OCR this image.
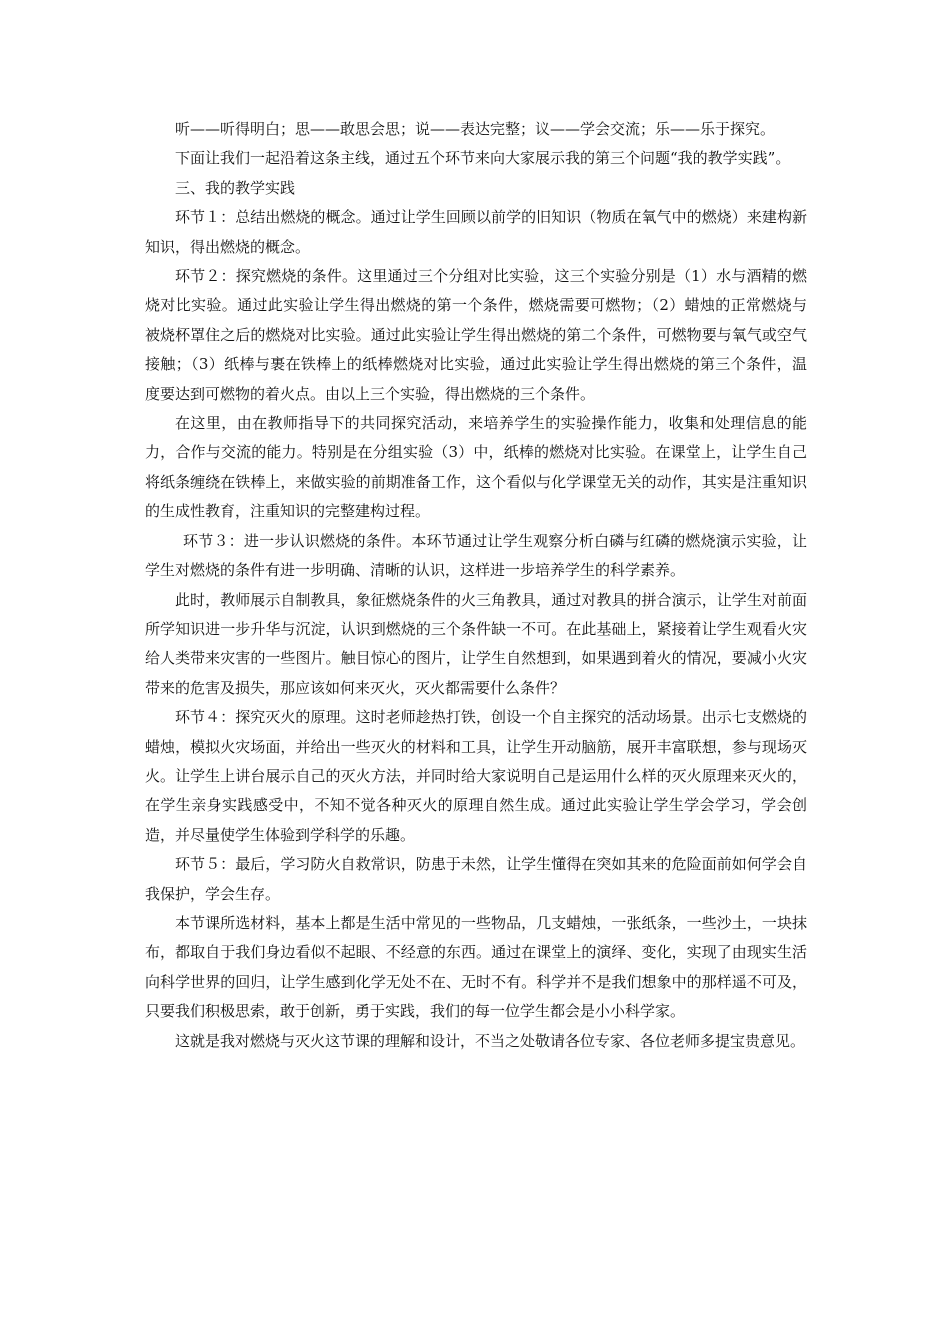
听——听得明白；思——敢思会思；说——表达完整；议——学会交流；乐——乐于探究。

下面让我们一起沿着这条主线，通过五个环节来向大家展示我的第三个问题“我的教学实践”。

三、我的教学实践

环节１：总结出燃烧的概念。通过让学生回顾以前学的旧知识（物质在氧气中的燃烧）来建构新知识，得出燃烧的概念。

环节２：探究燃烧的条件。这里通过三个分组对比实验，这三个实验分别是（1）水与酒精的燃烧对比实验。通过此实验让学生得出燃烧的第一个条件，燃烧需要可燃物；（2）蜡烛的正常燃烧与被烧杯罩住之后的燃烧对比实验。通过此实验让学生得出燃烧的第二个条件，可燃物要与氧气或空气接触；（3）纸棒与裹在铁棒上的纸棒燃烧对比实验，通过此实验让学生得出燃烧的第三个条件，温度要达到可燃物的着火点。由以上三个实验，得出燃烧的三个条件。

在这里，由在教师指导下的共同探究活动，来培养学生的实验操作能力，收集和处理信息的能力，合作与交流的能力。特别是在分组实验（3）中，纸棒的燃烧对比实验。在课堂上，让学生自己将纸条缠绕在铁棒上，来做实验的前期准备工作，这个看似与化学课堂无关的动作，其实是注重知识的生成性教育，注重知识的完整建构过程。

环节３：进一步认识燃烧的条件。本环节通过让学生观察分析白磷与红磷的燃烧演示实验，让学生对燃烧的条件有进一步明确、清晰的认识，这样进一步培养学生的科学素养。

此时，教师展示自制教具，象征燃烧条件的火三角教具，通过对教具的拼合演示，让学生对前面所学知识进一步升华与沉淀，认识到燃烧的三个条件缺一不可。在此基础上，紧接着让学生观看火灾给人类带来灾害的一些图片。触目惊心的图片，让学生自然想到，如果遇到着火的情况，要减小火灾带来的危害及损失，那应该如何来灭火，灭火都需要什么条件？

环节４：探究灭火的原理。这时老师趁热打铁，创设一个自主探究的活动场景。出示七支燃烧的蜡烛，模拟火灾场面，并给出一些灭火的材料和工具，让学生开动脑筋，展开丰富联想，参与现场灭火。让学生上讲台展示自己的灭火方法，并同时给大家说明自己是运用什么样的灭火原理来灭火的，在学生亲身实践感受中，不知不觉各种灭火的原理自然生成。通过此实验让学生学会学习，学会创造，并尽量使学生体验到学科学的乐趣。

环节５：最后，学习防火自救常识，防患于未然，让学生懂得在突如其来的危险面前如何学会自我保护，学会生存。

本节课所选材料，基本上都是生活中常见的一些物品，几支蜡烛，一张纸条，一些沙土，一块抹布，都取自于我们身边看似不起眼、不经意的东西。通过在课堂上的演绎、变化，实现了由现实生活向科学世界的回归，让学生感到化学无处不在、无时不有。科学并不是我们想象中的那样遥不可及，只要我们积极思索，敢于创新，勇于实践，我们的每一位学生都会是小小科学家。

这就是我对燃烧与灭火这节课的理解和设计，不当之处敬请各位专家、各位老师多提宝贵意见。
